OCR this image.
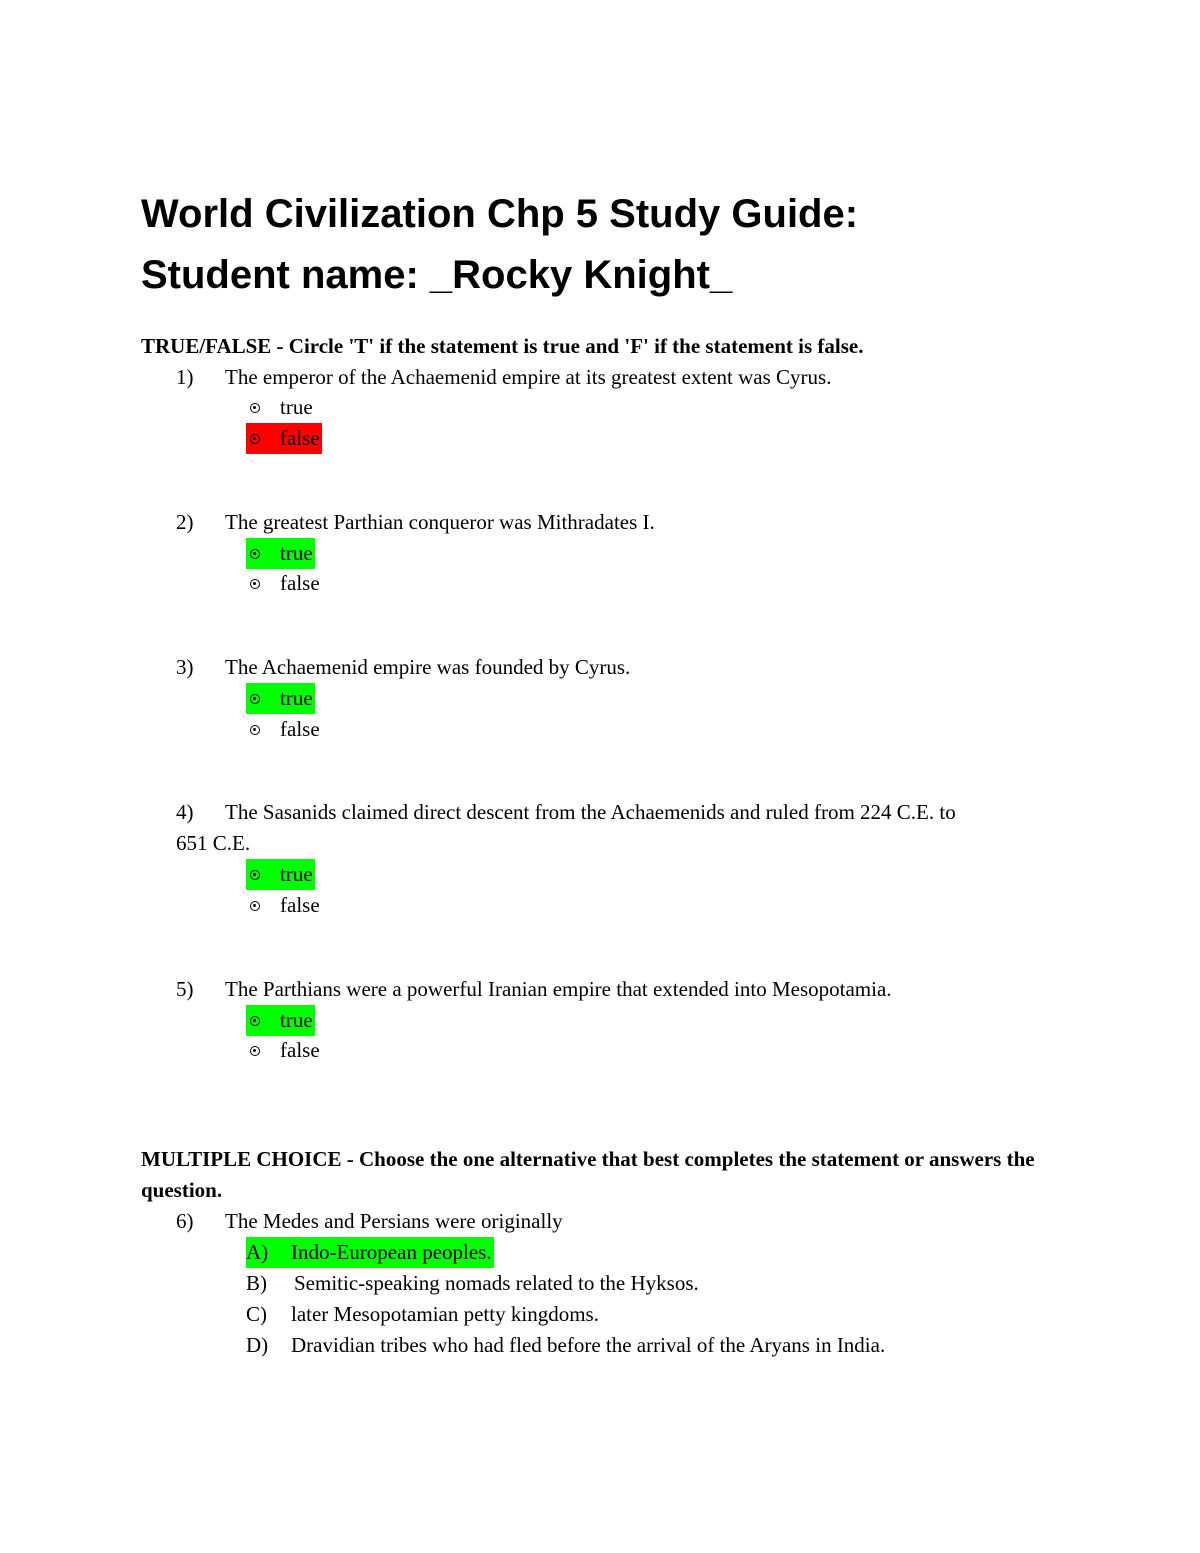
World Civilization Chp 5 Study Guide:
Student name: _Rocky Knight_
TRUE/FALSE - Circle 'T' if the statement is true and 'F' if the statement is false.
1) The emperor of the Achaemenid empire at its greatest extent was Cyrus.
true
false
2) The greatest Parthian conqueror was Mithradates I.
true
false
3) The Achaemenid empire was founded by Cyrus.
true
false
4) The Sasanids claimed direct descent from the Achaemenids and ruled from 224 C.E. to
651 C.E.
true
false
5) The Parthians were a powerful Iranian empire that extended into Mesopotamia.
true
false
MULTIPLE CHOICE - Choose the one alternative that best completes the statement or answers the question.
6) The Medes and Persians were originally
A)	Indo-European peoples.
B)	Semitic-speaking nomads related to the Hyksos.
C)	later Mesopotamian petty kingdoms.
D)	Dravidian tribes who had fled before the arrival of the Aryans in India.
